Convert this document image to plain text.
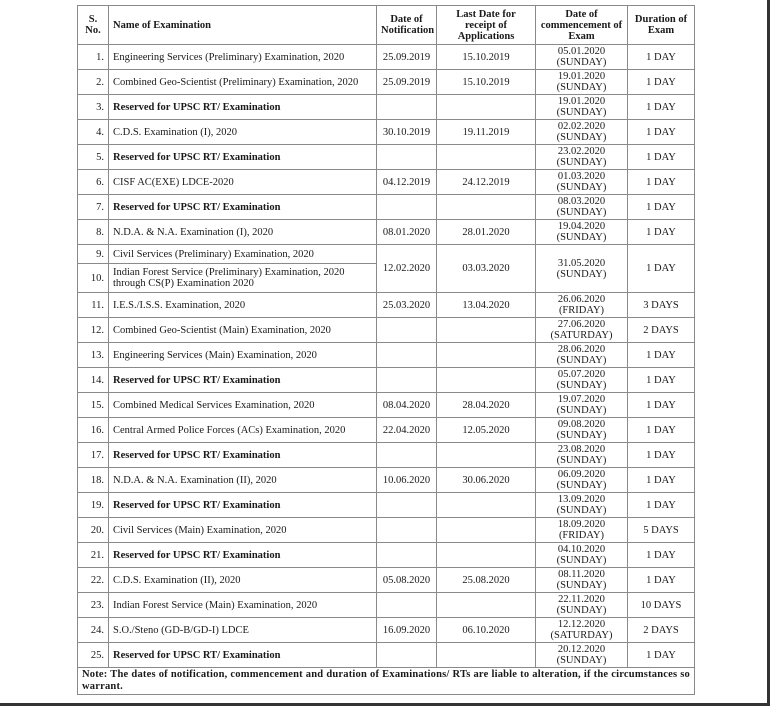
S. No.	Name of Examination	Date of Notification	Last Date for receipt of Applications	Date of commencement of Exam	Duration of Exam
1.	Engineering Services (Preliminary) Examination, 2020	25.09.2019	15.10.2019	05.01.2020
(SUNDAY)	1 DAY
2.	Combined Geo-Scientist (Preliminary) Examination, 2020	25.09.2019	15.10.2019	19.01.2020
(SUNDAY)	1 DAY
3.	Reserved for UPSC RT/ Examination			19.01.2020
(SUNDAY)	1 DAY
4.	C.D.S. Examination (I), 2020	30.10.2019	19.11.2019	02.02.2020
(SUNDAY)	1 DAY
5.	Reserved for UPSC RT/ Examination			23.02.2020
(SUNDAY)	1 DAY
6.	CISF AC(EXE) LDCE-2020	04.12.2019	24.12.2019	01.03.2020
(SUNDAY)	1 DAY
7.	Reserved for UPSC RT/ Examination			08.03.2020
(SUNDAY)	1 DAY
8.	N.D.A. & N.A. Examination (I), 2020	08.01.2020	28.01.2020	19.04.2020
(SUNDAY)	1 DAY
9.	Civil Services (Preliminary) Examination, 2020	12.02.2020	03.03.2020	31.05.2020
(SUNDAY)	1 DAY
10.	Indian Forest Service (Preliminary) Examination, 2020 through CS(P) Examination 2020				
11.	I.E.S./I.S.S. Examination, 2020	25.03.2020	13.04.2020	26.06.2020
(FRIDAY)	3 DAYS
12.	Combined Geo-Scientist (Main) Examination, 2020			27.06.2020
(SATURDAY)	2 DAYS
13.	Engineering Services (Main) Examination, 2020			28.06.2020
(SUNDAY)	1 DAY
14.	Reserved for UPSC RT/ Examination			05.07.2020
(SUNDAY)	1 DAY
15.	Combined Medical Services Examination, 2020	08.04.2020	28.04.2020	19.07.2020
(SUNDAY)	1 DAY
16.	Central Armed Police Forces (ACs) Examination, 2020	22.04.2020	12.05.2020	09.08.2020
(SUNDAY)	1 DAY
17.	Reserved for UPSC RT/ Examination			23.08.2020
(SUNDAY)	1 DAY
18.	N.D.A. & N.A. Examination (II), 2020	10.06.2020	30.06.2020	06.09.2020
(SUNDAY)	1 DAY
19.	Reserved for UPSC RT/ Examination			13.09.2020
(SUNDAY)	1 DAY
20.	Civil Services (Main) Examination, 2020			18.09.2020
(FRIDAY)	5 DAYS
21.	Reserved for UPSC RT/ Examination			04.10.2020
(SUNDAY)	1 DAY
22.	C.D.S. Examination (II), 2020	05.08.2020	25.08.2020	08.11.2020
(SUNDAY)	1 DAY
23.	Indian Forest Service (Main) Examination, 2020			22.11.2020
(SUNDAY)	10 DAYS
24.	S.O./Steno (GD-B/GD-I) LDCE	16.09.2020	06.10.2020	12.12.2020
(SATURDAY)	2 DAYS
25.	Reserved for UPSC RT/ Examination			20.12.2020
(SUNDAY)	1 DAY
Note: The dates of notification, commencement and duration of Examinations/ RTs are liable to alteration, if the circumstances so warrant.					
